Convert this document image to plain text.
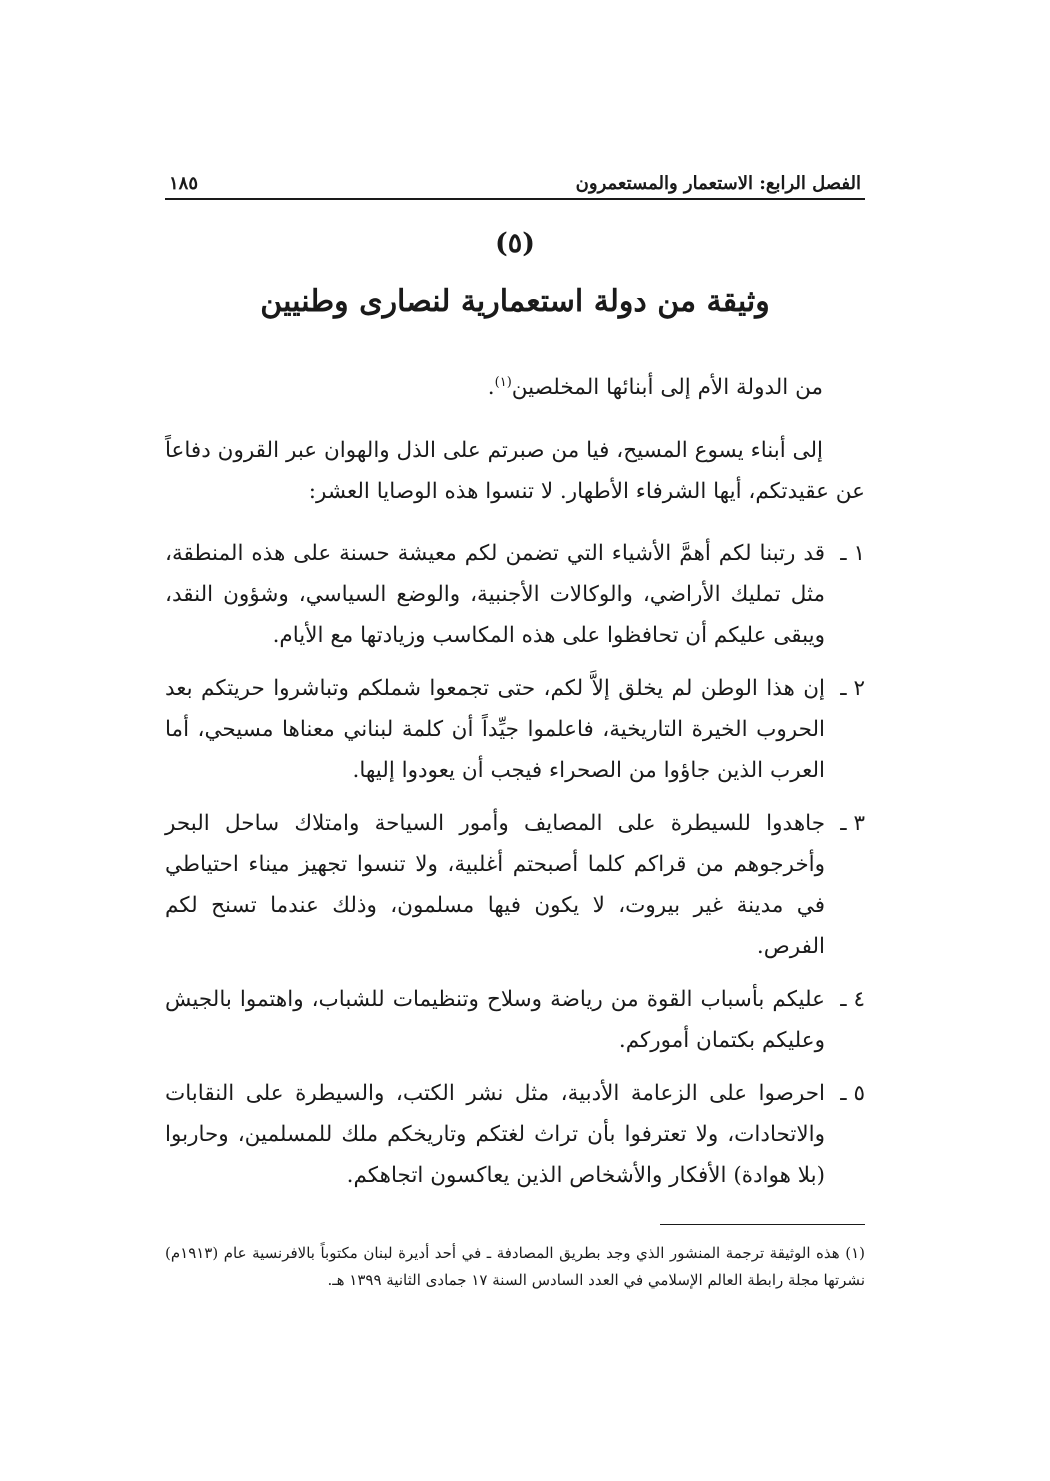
الفصل الرابع: الاستعمار والمستعمرون
١٨٥
(٥)
وثيقة من دولة استعمارية لنصارى وطنيين

من الدولة الأم إلى أبنائها المخلصين$^{(١)}$.

إلى أبناء يسوع المسيح، فيا من صبرتم على الذل والهوان عبر القرون دفاعاً عن عقيدتكم، أيها الشرفاء الأطهار. لا تنسوا هذه الوصايا العشر:

١ ـ
قد رتبنا لكم أهمَّ الأشياء التي تضمن لكم معيشة حسنة على هذه المنطقة، مثل تمليك الأراضي، والوكالات الأجنبية، والوضع السياسي، وشؤون النقد، ويبقى عليكم أن تحافظوا على هذه المكاسب وزيادتها مع الأيام.
٢ ـ
إن هذا الوطن لم يخلق إلاَّ لكم، حتى تجمعوا شملكم وتباشروا حريتكم بعد الحروب الخيرة التاريخية، فاعلموا جيِّداً أن كلمة لبناني معناها مسيحي، أما العرب الذين جاؤوا من الصحراء فيجب أن يعودوا إليها.
٣ ـ
جاهدوا للسيطرة على المصايف وأمور السياحة وامتلاك ساحل البحر وأخرجوهم من قراكم كلما أصبحتم أغلبية، ولا تنسوا تجهيز ميناء احتياطي في مدينة غير بيروت، لا يكون فيها مسلمون، وذلك عندما تسنح لكم الفرص.
٤ ـ
عليكم بأسباب القوة من رياضة وسلاح وتنظيمات للشباب، واهتموا بالجيش وعليكم بكتمان أموركم.
٥ ـ
احرصوا على الزعامة الأدبية، مثل نشر الكتب، والسيطرة على النقابات والاتحادات، ولا تعترفوا بأن تراث لغتكم وتاريخكم ملك للمسلمين، وحاربوا (بلا هوادة) الأفكار والأشخاص الذين يعاكسون اتجاهكم.

(١) هذه الوثيقة ترجمة المنشور الذي وجد بطريق المصادفة ـ في أحد أديرة لبنان مكتوباً بالافرنسية عام (١٩١٣م) نشرتها مجلة رابطة العالم الإسلامي في العدد السادس السنة ١٧ جمادى الثانية ١٣٩٩ هـ.
